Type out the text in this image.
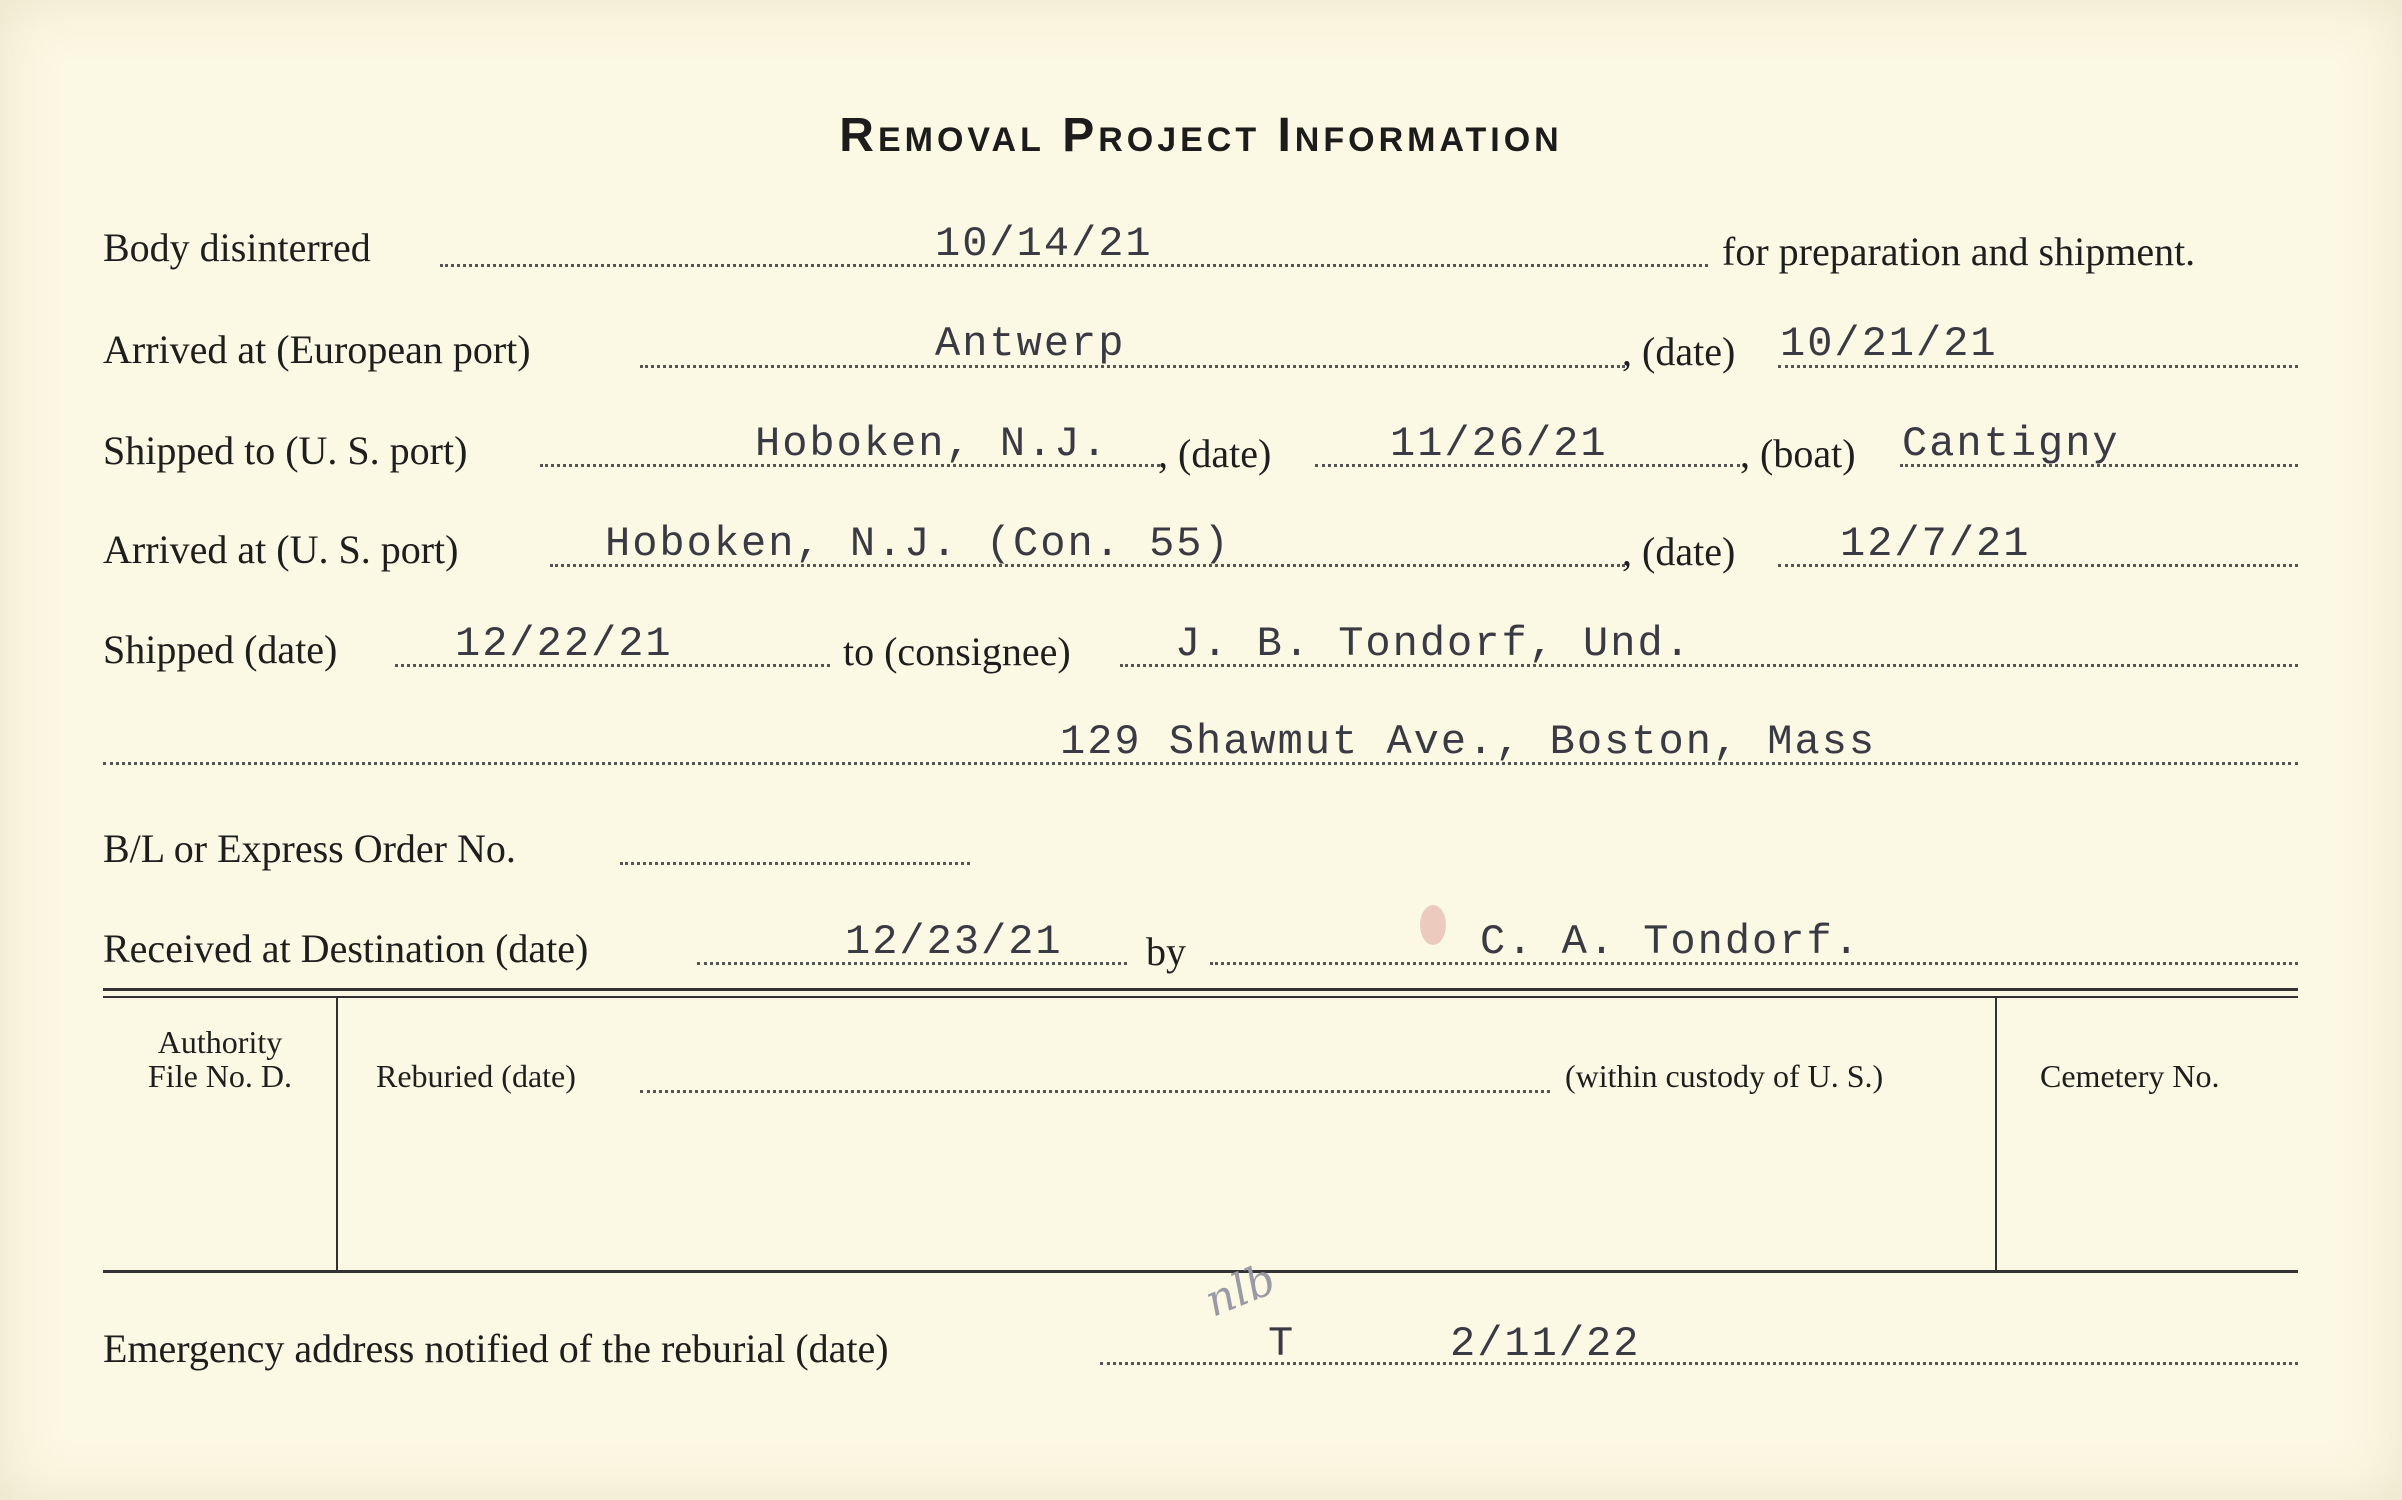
Removal Project Information
Body disinterred	10/14/21	for preparation and shipment.
Arrived at (European port)	Antwerp	, (date) 10/21/21
Shipped to (U. S. port)	Hoboken, N.J. , (date)	11/26/21	, (boat) Cantigny
Arrived at (U. S. port)	Hoboken, N.J. (Con. 55)	, (date) 12/7/21
Shipped (date)	12/22/21	to (consignee) J. B. Tondorf, Und.
129 Shawmut Ave., Boston, Mass
B/L or Express Order No.
Received at Destination (date)	12/23/21 by	C. A. Tondorf.
Authority
File No. D.	Reburied (date)	(within custody of U. S.)	Cemetery No.
Emergency address notified of the reburial (date)
nlb
T	2/11/22
